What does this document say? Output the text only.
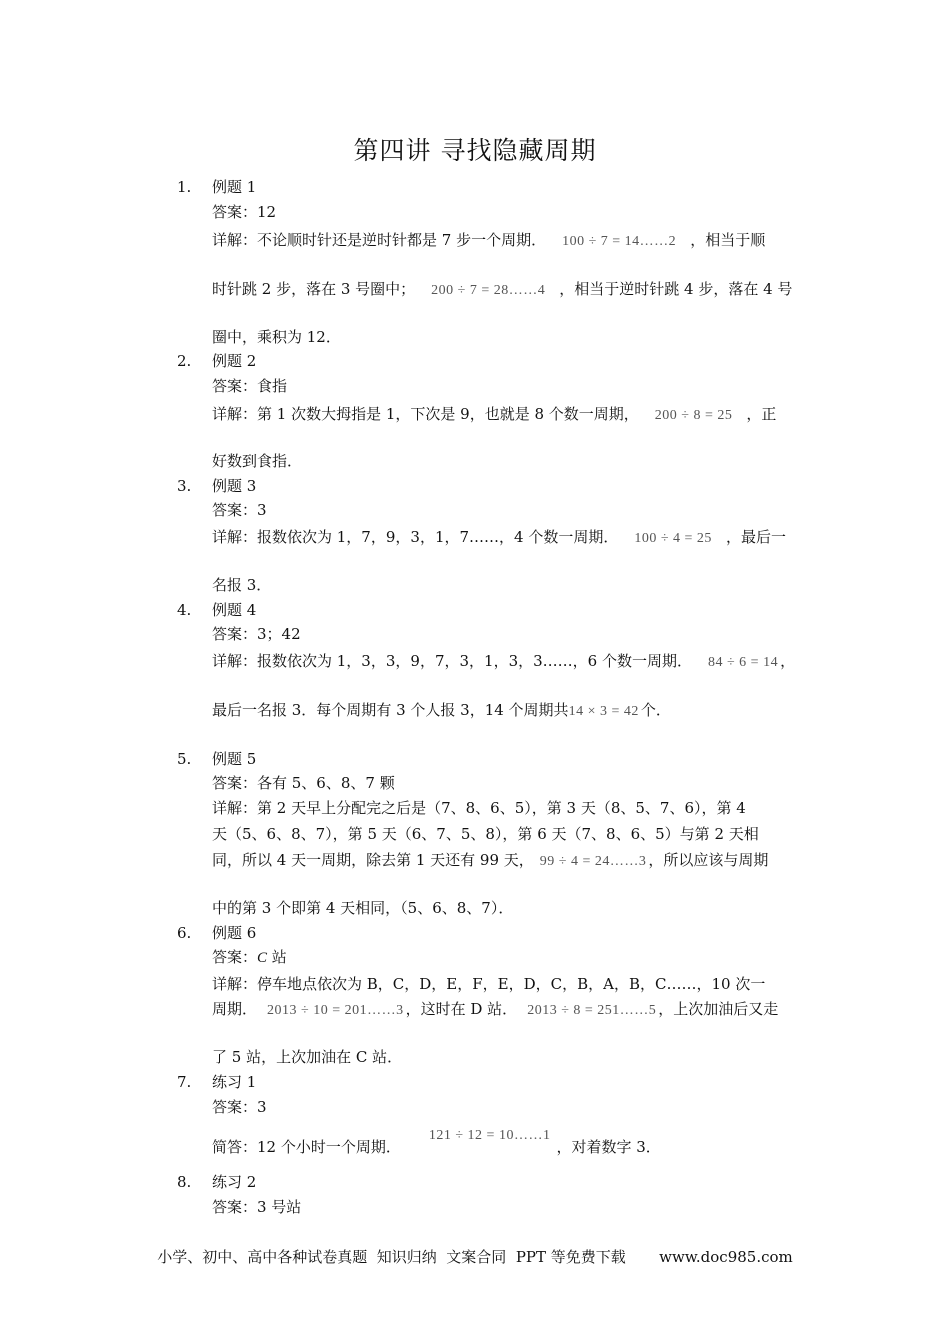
第四讲 寻找隐藏周期
1. 例题 1
答案：12
详解：不论顺时针还是逆时针都是 7 步一个周期． 100 ÷ 7 = 14……2 ，相当于顺
时针跳 2 步，落在 3 号圈中； 200 ÷ 7 = 28……4 ，相当于逆时针跳 4 步，落在 4 号
圈中，乘积为 12．
2. 例题 2
答案：食指
详解：第 1 次数大拇指是 1，下次是 9，也就是 8 个数一周期， 200 ÷ 8 = 25 ，正
好数到食指．
3. 例题 3
答案：3
详解：报数依次为 1，7，9，3，1，7……，4 个数一周期． 100 ÷ 4 = 25 ，最后一
名报 3．
4. 例题 4
答案：3；42
详解：报数依次为 1，3，3，9，7，3，1，3，3……，6 个数一周期． 84 ÷ 6 = 14 ，
最后一名报 3．每个周期有 3 个人报 3，14 个周期共14 × 3 = 42 个．
5. 例题 5
答案：各有 5、6、8、7 颗
详解：第 2 天早上分配完之后是（7、8、6、5），第 3 天（8、5、7、6），第 4
天（5、6、8、7），第 5 天（6、7、5、8），第 6 天（7、8、6、5）与第 2 天相
同，所以 4 天一周期，除去第 1 天还有 99 天， 99 ÷ 4 = 24……3 ，所以应该与周期
中的第 3 个即第 4 天相同，（5、6、8、7）．
6. 例题 6
答案：C 站
详解：停车地点依次为 B，C，D，E，F，E，D，C，B，A，B，C……，10 次一
周期． 2013 ÷ 10 = 201……3 ，这时在 D 站． 2013 ÷ 8 = 251……5 ，上次加油后又走
了 5 站，上次加油在 C 站．
7. 练习 1
答案：3
简答：12 个小时一个周期．121 ÷ 12 = 10……1，对着数字 3．
8. 练习 2
答案：3 号站
小学、初中、高中各种试卷真题  知识归纳  文案合同  PPT 等免费下载       www.doc985.com
